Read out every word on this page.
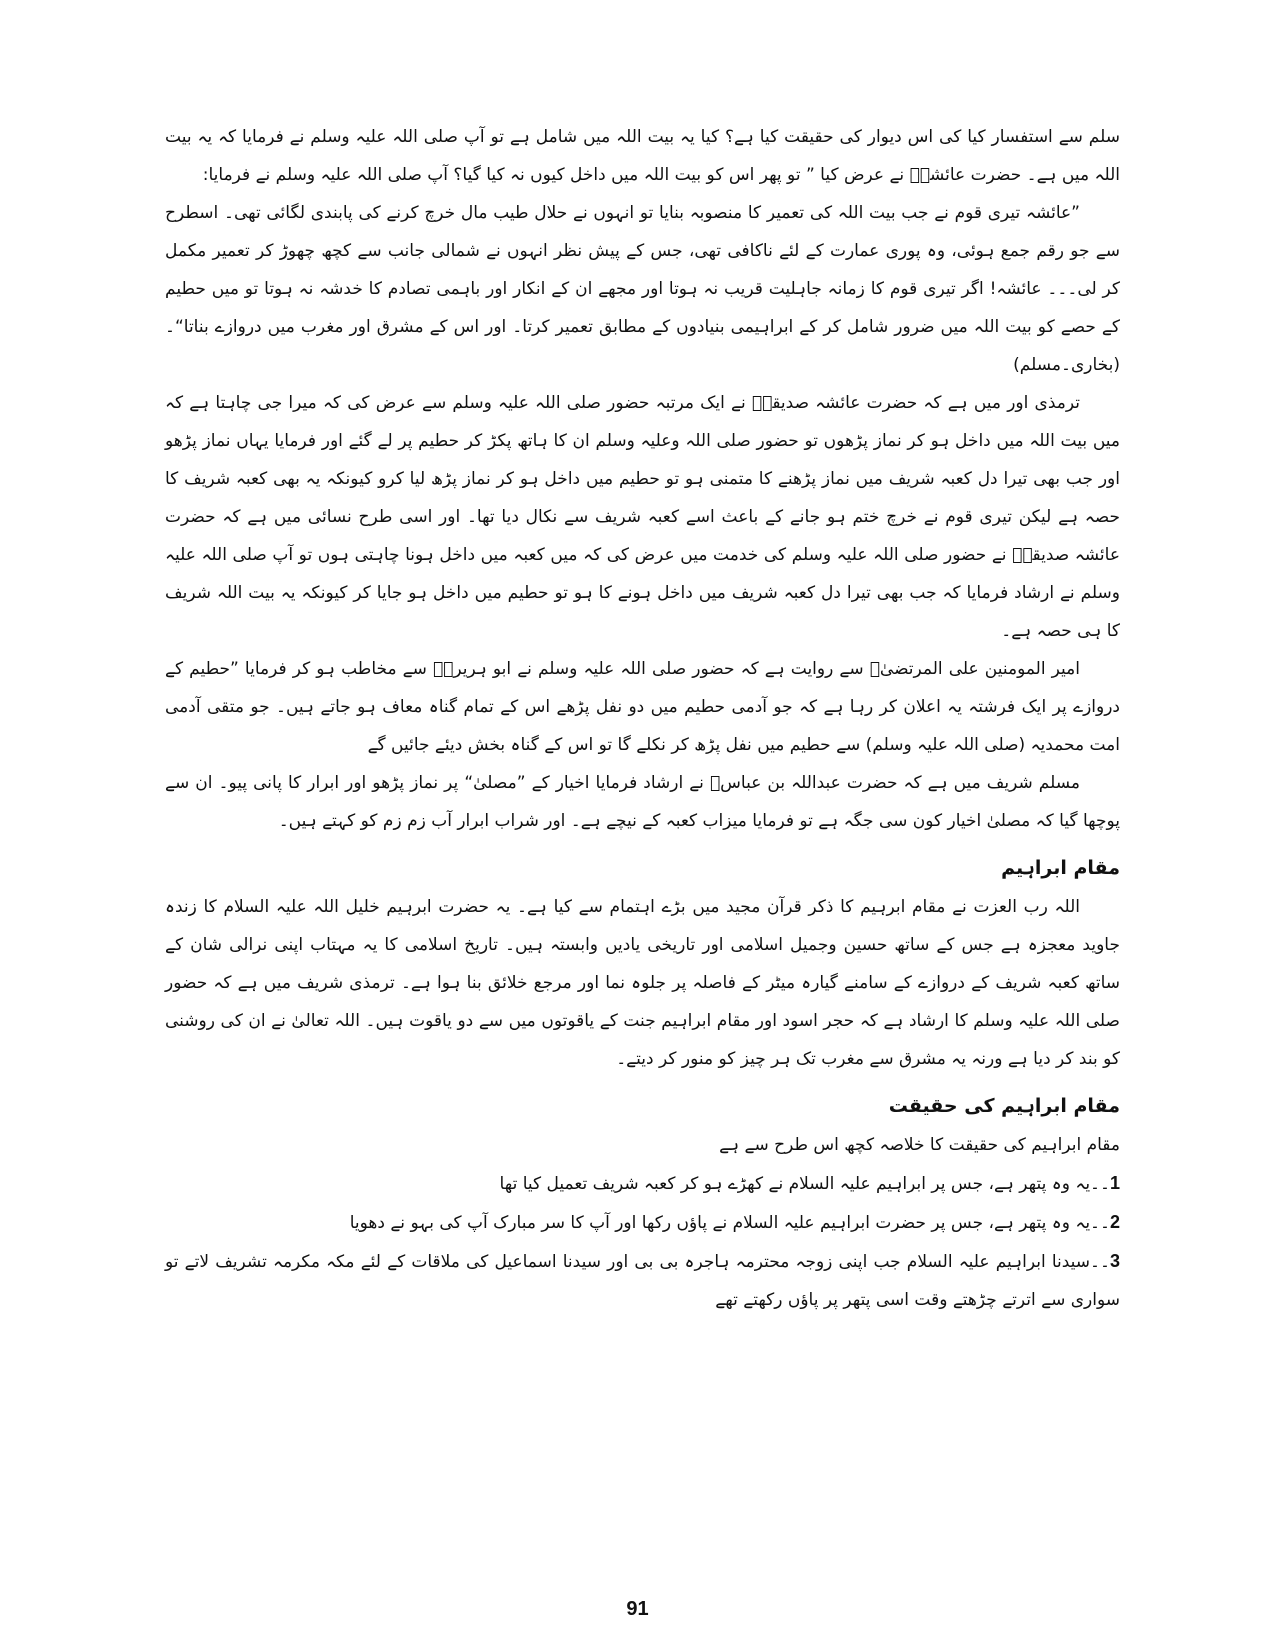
سلم سے استفسار کیا کی اس دیوار کی حقیقت کیا ہے؟ کیا یہ بیت اللہ میں شامل ہے تو آپ صلی اللہ علیہ وسلم نے فرمایا کہ یہ بیت اللہ میں ہے۔ حضرت عائشہؓ نے عرض کیا ” تو پھر اس کو بیت اللہ میں داخل کیوں نہ کیا گیا؟ آپ صلی اللہ علیہ وسلم نے فرمایا:

”عائشہ تیری قوم نے جب بیت اللہ کی تعمیر کا منصوبہ بنایا تو انہوں نے حلال طیب مال خرچ کرنے کی پابندی لگائی تھی۔ اسطرح سے جو رقم جمع ہوئی، وہ پوری عمارت کے لئے ناکافی تھی، جس کے پیش نظر انہوں نے شمالی جانب سے کچھ چھوڑ کر تعمیر مکمل کر لی۔۔۔ عائشہ! اگر تیری قوم کا زمانہ جاہلیت قریب نہ ہوتا اور مجھے ان کے انکار اور باہمی تصادم کا خدشہ نہ ہوتا تو میں حطیم کے حصے کو بیت اللہ میں ضرور شامل کر کے ابراہیمی بنیادوں کے مطابق تعمیر کرتا۔ اور اس کے مشرق اور مغرب میں دروازے بناتا“۔ (بخاری۔مسلم)

ترمذی اور میں ہے کہ حضرت عائشہ صدیقہؓ نے ایک مرتبہ حضور صلی اللہ علیہ وسلم سے عرض کی کہ میرا جی چاہتا ہے کہ میں بیت اللہ میں داخل ہو کر نماز پڑھوں تو حضور صلی اللہ وعلیہ وسلم ان کا ہاتھ پکڑ کر حطیم پر لے گئے اور فرمایا یہاں نماز پڑھو اور جب بھی تیرا دل کعبہ شریف میں نماز پڑھنے کا متمنی ہو تو حطیم میں داخل ہو کر نماز پڑھ لیا کرو کیونکہ یہ بھی کعبہ شریف کا حصہ ہے لیکن تیری قوم نے خرچ ختم ہو جانے کے باعث اسے کعبہ شریف سے نکال دیا تھا۔ اور اسی طرح نسائی میں ہے کہ حضرت عائشہ صدیقہؓ نے حضور صلی اللہ علیہ وسلم کی خدمت میں عرض کی کہ میں کعبہ میں داخل ہونا چاہتی ہوں تو آپ صلی اللہ علیہ وسلم نے ارشاد فرمایا کہ جب بھی تیرا دل کعبہ شریف میں داخل ہونے کا ہو تو حطیم میں داخل ہو جایا کر کیونکہ یہ بیت اللہ شریف کا ہی حصہ ہے۔

امیر المومنین علی المرتضیٰؓ سے روایت ہے کہ حضور صلی اللہ علیہ وسلم نے ابو ہریرہؓ سے مخاطب ہو کر فرمایا ”حطیم کے دروازے پر ایک فرشتہ یہ اعلان کر رہا ہے کہ جو آدمی حطیم میں دو نفل پڑھے اس کے تمام گناہ معاف ہو جاتے ہیں۔ جو متقی آدمی امت محمدیہ (صلی اللہ علیہ وسلم) سے حطیم میں نفل پڑھ کر نکلے گا تو اس کے گناہ بخش دیئے جائیں گے

مسلم شریف میں ہے کہ حضرت عبداللہ بن عباسؓ نے ارشاد فرمایا اخیار کے ”مصلیٰ“ پر نماز پڑھو اور ابرار کا پانی پیو۔ ان سے پوچھا گیا کہ مصلیٰ اخیار کون سی جگہ ہے تو فرمایا میزاب کعبہ کے نیچے ہے۔ اور شراب ابرار آب زم زم کو کہتے ہیں۔

مقام ابراہیم

اللہ رب العزت نے مقام ابرہیم کا ذکر قرآن مجید میں بڑے اہتمام سے کیا ہے۔ یہ حضرت ابرہیم خلیل اللہ علیہ السلام کا زندہ جاوید معجزہ ہے جس کے ساتھ حسین وجمیل اسلامی اور تاریخی یادیں وابستہ ہیں۔ تاریخ اسلامی کا یہ مہتاب اپنی نرالی شان کے ساتھ کعبہ شریف کے دروازے کے سامنے گیارہ میٹر کے فاصلہ پر جلوہ نما اور مرجع خلائق بنا ہوا ہے۔ ترمذی شریف میں ہے کہ حضور صلی اللہ علیہ وسلم کا ارشاد ہے کہ حجر اسود اور مقام ابراہیم جنت کے یاقوتوں میں سے دو یاقوت ہیں۔ اللہ تعالیٰ نے ان کی روشنی کو بند کر دیا ہے ورنہ یہ مشرق سے مغرب تک ہر چیز کو منور کر دیتے۔

مقام ابراہیم کی حقیقت

مقام ابراہیم کی حقیقت کا خلاصہ کچھ اس طرح سے ہے

1۔۔یہ وہ پتھر ہے، جس پر ابراہیم علیہ السلام نے کھڑے ہو کر کعبہ شریف تعمیل کیا تھا

2۔۔یہ وہ پتھر ہے، جس پر حضرت ابراہیم علیہ السلام نے پاؤں رکھا اور آپ کا سر مبارک آپ کی بہو نے دھویا

3۔۔سیدنا ابراہیم علیہ السلام جب اپنی زوجہ محترمہ ہاجرہ بی بی اور سیدنا اسماعیل کی ملاقات کے لئے مکہ مکرمہ تشریف لاتے تو سواری سے اترتے چڑھتے وقت اسی پتھر پر پاؤں رکھتے تھے

91
